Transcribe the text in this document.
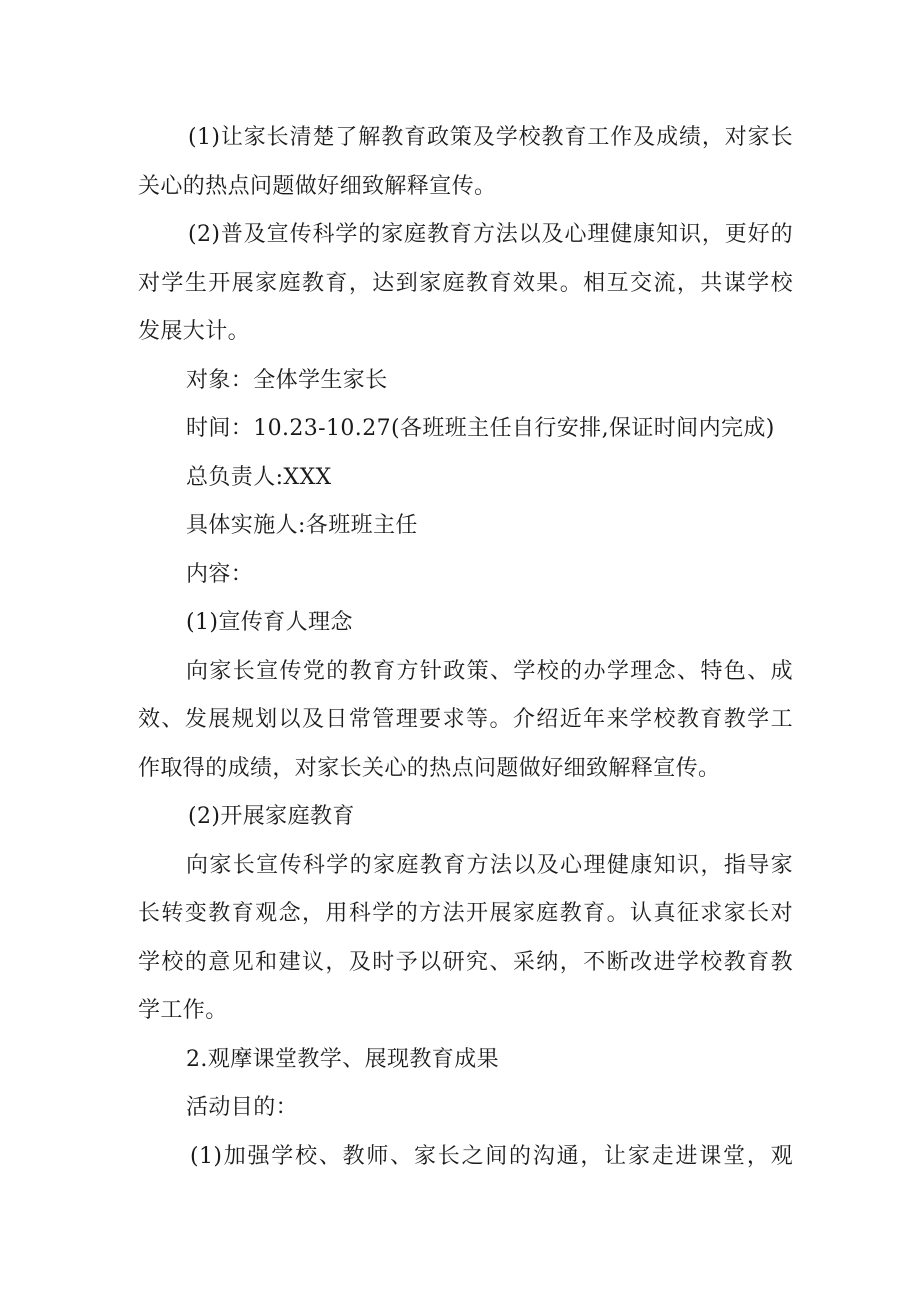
(1)让家长清楚了解教育政策及学校教育工作及成绩，对家长
关心的热点问题做好细致解释宣传。
(2)普及宣传科学的家庭教育方法以及心理健康知识，更好的
对学生开展家庭教育，达到家庭教育效果。相互交流，共谋学校
发展大计。
对象：全体学生家长
时间：10.23-10.27(各班班主任自行安排,保证时间内完成)
总负责人:XXX
具体实施人:各班班主任
内容：
(1)宣传育人理念
向家长宣传党的教育方针政策、学校的办学理念、特色、成
效、发展规划以及日常管理要求等。介绍近年来学校教育教学工
作取得的成绩，对家长关心的热点问题做好细致解释宣传。
(2)开展家庭教育
向家长宣传科学的家庭教育方法以及心理健康知识，指导家
长转变教育观念，用科学的方法开展家庭教育。认真征求家长对
学校的意见和建议，及时予以研究、采纳，不断改进学校教育教
学工作。
2.观摩课堂教学、展现教育成果
活动目的：
(1)加强学校、教师、家长之间的沟通，让家走进课堂，观
